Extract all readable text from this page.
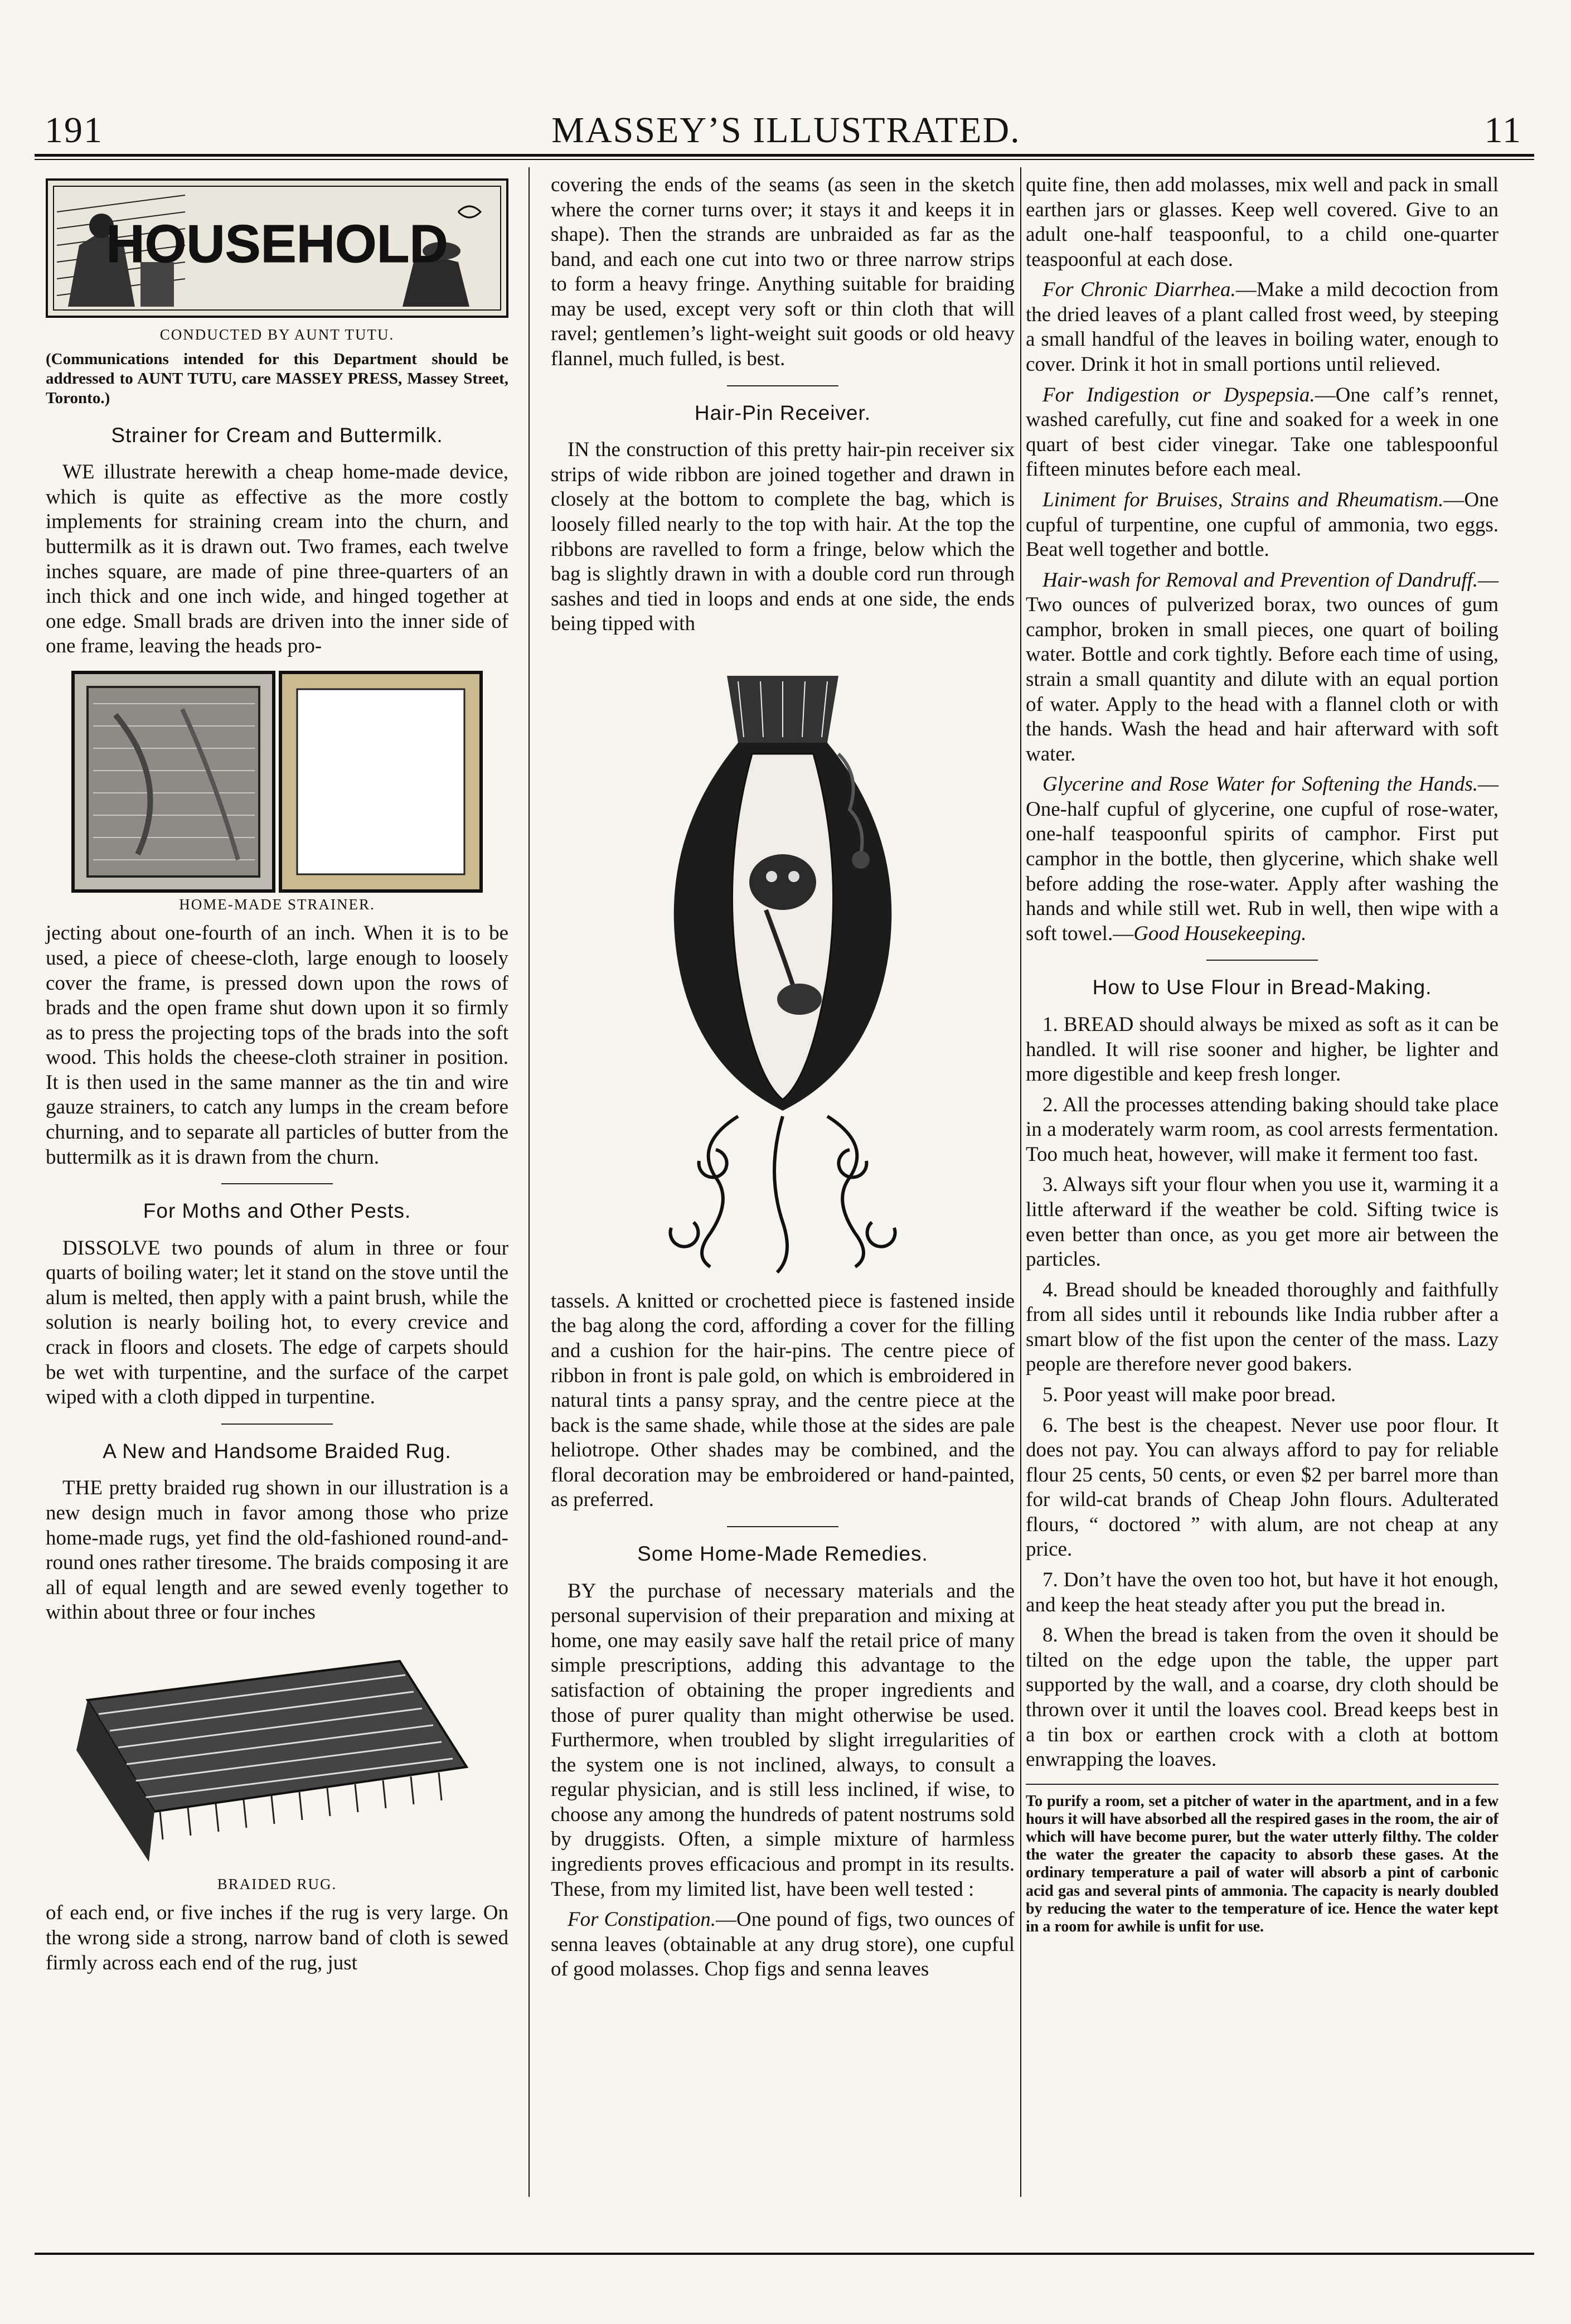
191	MASSEY’S ILLUSTRATED.	11
HOUSEHOLD
CONDUCTED BY AUNT TUTU.

(Communications intended for this Department should be addressed to AUNT TUTU, care MASSEY PRESS, Massey Street, Toronto.)

Strainer for Cream and Buttermilk.

WE illustrate herewith a cheap home-made device, which is quite as effective as the more costly implements for straining cream into the churn, and buttermilk as it is drawn out. Two frames, each twelve inches square, are made of pine three-quarters of an inch thick and one inch wide, and hinged together at one edge. Small brads are driven into the inner side of one frame, leaving the heads pro-

HOME-MADE STRAINER.

jecting about one-fourth of an inch. When it is to be used, a piece of cheese-cloth, large enough to loosely cover the frame, is pressed down upon the rows of brads and the open frame shut down upon it so firmly as to press the projecting tops of the brads into the soft wood. This holds the cheese-cloth strainer in position. It is then used in the same manner as the tin and wire gauze strainers, to catch any lumps in the cream before churning, and to separate all particles of butter from the buttermilk as it is drawn from the churn.

For Moths and Other Pests.

DISSOLVE two pounds of alum in three or four quarts of boiling water; let it stand on the stove until the alum is melted, then apply with a paint brush, while the solution is nearly boiling hot, to every crevice and crack in floors and closets. The edge of carpets should be wet with turpentine, and the surface of the carpet wiped with a cloth dipped in turpentine.

A New and Handsome Braided Rug.

THE pretty braided rug shown in our illustration is a new design much in favor among those who prize home-made rugs, yet find the old-fashioned round-and-round ones rather tiresome. The braids composing it are all of equal length and are sewed evenly together to within about three or four inches

BRAIDED RUG.

of each end, or five inches if the rug is very large. On the wrong side a strong, narrow band of cloth is sewed firmly across each end of the rug, just

covering the ends of the seams (as seen in the sketch where the corner turns over; it stays it and keeps it in shape). Then the strands are unbraided as far as the band, and each one cut into two or three narrow strips to form a heavy fringe. Anything suitable for braiding may be used, except very soft or thin cloth that will ravel; gentlemen’s light-weight suit goods or old heavy flannel, much fulled, is best.

Hair-Pin Receiver.

IN the construction of this pretty hair-pin receiver six strips of wide ribbon are joined together and drawn in closely at the bottom to complete the bag, which is loosely filled nearly to the top with hair. At the top the ribbons are ravelled to form a fringe, below which the bag is slightly drawn in with a double cord run through sashes and tied in loops and ends at one side, the ends being tipped with

tassels. A knitted or crochetted piece is fastened inside the bag along the cord, affording a cover for the filling and a cushion for the hair-pins. The centre piece of ribbon in front is pale gold, on which is embroidered in natural tints a pansy spray, and the centre piece at the back is the same shade, while those at the sides are pale heliotrope. Other shades may be combined, and the floral decoration may be embroidered or hand-painted, as preferred.

Some Home-Made Remedies.

BY the purchase of necessary materials and the personal supervision of their preparation and mixing at home, one may easily save half the retail price of many simple prescriptions, adding this advantage to the satisfaction of obtaining the proper ingredients and those of purer quality than might otherwise be used. Furthermore, when troubled by slight irregularities of the system one is not inclined, always, to consult a regular physician, and is still less inclined, if wise, to choose any among the hundreds of patent nostrums sold by druggists. Often, a simple mixture of harmless ingredients proves efficacious and prompt in its results. These, from my limited list, have been well tested :

For Constipation.—One pound of figs, two ounces of senna leaves (obtainable at any drug store), one cupful of good molasses. Chop figs and senna leaves

quite fine, then add molasses, mix well and pack in small earthen jars or glasses. Keep well covered. Give to an adult one-half teaspoonful, to a child one-quarter teaspoonful at each dose.

For Chronic Diarrhea.—Make a mild decoction from the dried leaves of a plant called frost weed, by steeping a small handful of the leaves in boiling water, enough to cover. Drink it hot in small portions until relieved.

For Indigestion or Dyspepsia.—One calf’s rennet, washed carefully, cut fine and soaked for a week in one quart of best cider vinegar. Take one tablespoonful fifteen minutes before each meal.

Liniment for Bruises, Strains and Rheumatism.—One cupful of turpentine, one cupful of ammonia, two eggs. Beat well together and bottle.

Hair-wash for Removal and Prevention of Dandruff.—Two ounces of pulverized borax, two ounces of gum camphor, broken in small pieces, one quart of boiling water. Bottle and cork tightly. Before each time of using, strain a small quantity and dilute with an equal portion of water. Apply to the head with a flannel cloth or with the hands. Wash the head and hair afterward with soft water.

Glycerine and Rose Water for Softening the Hands.—One-half cupful of glycerine, one cupful of rose-water, one-half teaspoonful spirits of camphor. First put camphor in the bottle, then glycerine, which shake well before adding the rose-water. Apply after washing the hands and while still wet. Rub in well, then wipe with a soft towel.—Good Housekeeping.

How to Use Flour in Bread-Making.

1. BREAD should always be mixed as soft as it can be handled. It will rise sooner and higher, be lighter and more digestible and keep fresh longer.

2. All the processes attending baking should take place in a moderately warm room, as cool arrests fermentation. Too much heat, however, will make it ferment too fast.

3. Always sift your flour when you use it, warming it a little afterward if the weather be cold. Sifting twice is even better than once, as you get more air between the particles.

4. Bread should be kneaded thoroughly and faithfully from all sides until it rebounds like India rubber after a smart blow of the fist upon the center of the mass. Lazy people are therefore never good bakers.

5. Poor yeast will make poor bread.

6. The best is the cheapest. Never use poor flour. It does not pay. You can always afford to pay for reliable flour 25 cents, 50 cents, or even $2 per barrel more than for wild-cat brands of Cheap John flours. Adulterated flours, “ doctored ” with alum, are not cheap at any price.

7. Don’t have the oven too hot, but have it hot enough, and keep the heat steady after you put the bread in.

8. When the bread is taken from the oven it should be tilted on the edge upon the table, the upper part supported by the wall, and a coarse, dry cloth should be thrown over it until the loaves cool. Bread keeps best in a tin box or earthen crock with a cloth at bottom enwrapping the loaves.

To purify a room, set a pitcher of water in the apartment, and in a few hours it will have absorbed all the respired gases in the room, the air of which will have become purer, but the water utterly filthy. The colder the water the greater the capacity to absorb these gases. At the ordinary temperature a pail of water will absorb a pint of carbonic acid gas and several pints of ammonia. The capacity is nearly doubled by reducing the water to the temperature of ice. Hence the water kept in a room for awhile is unfit for use.
